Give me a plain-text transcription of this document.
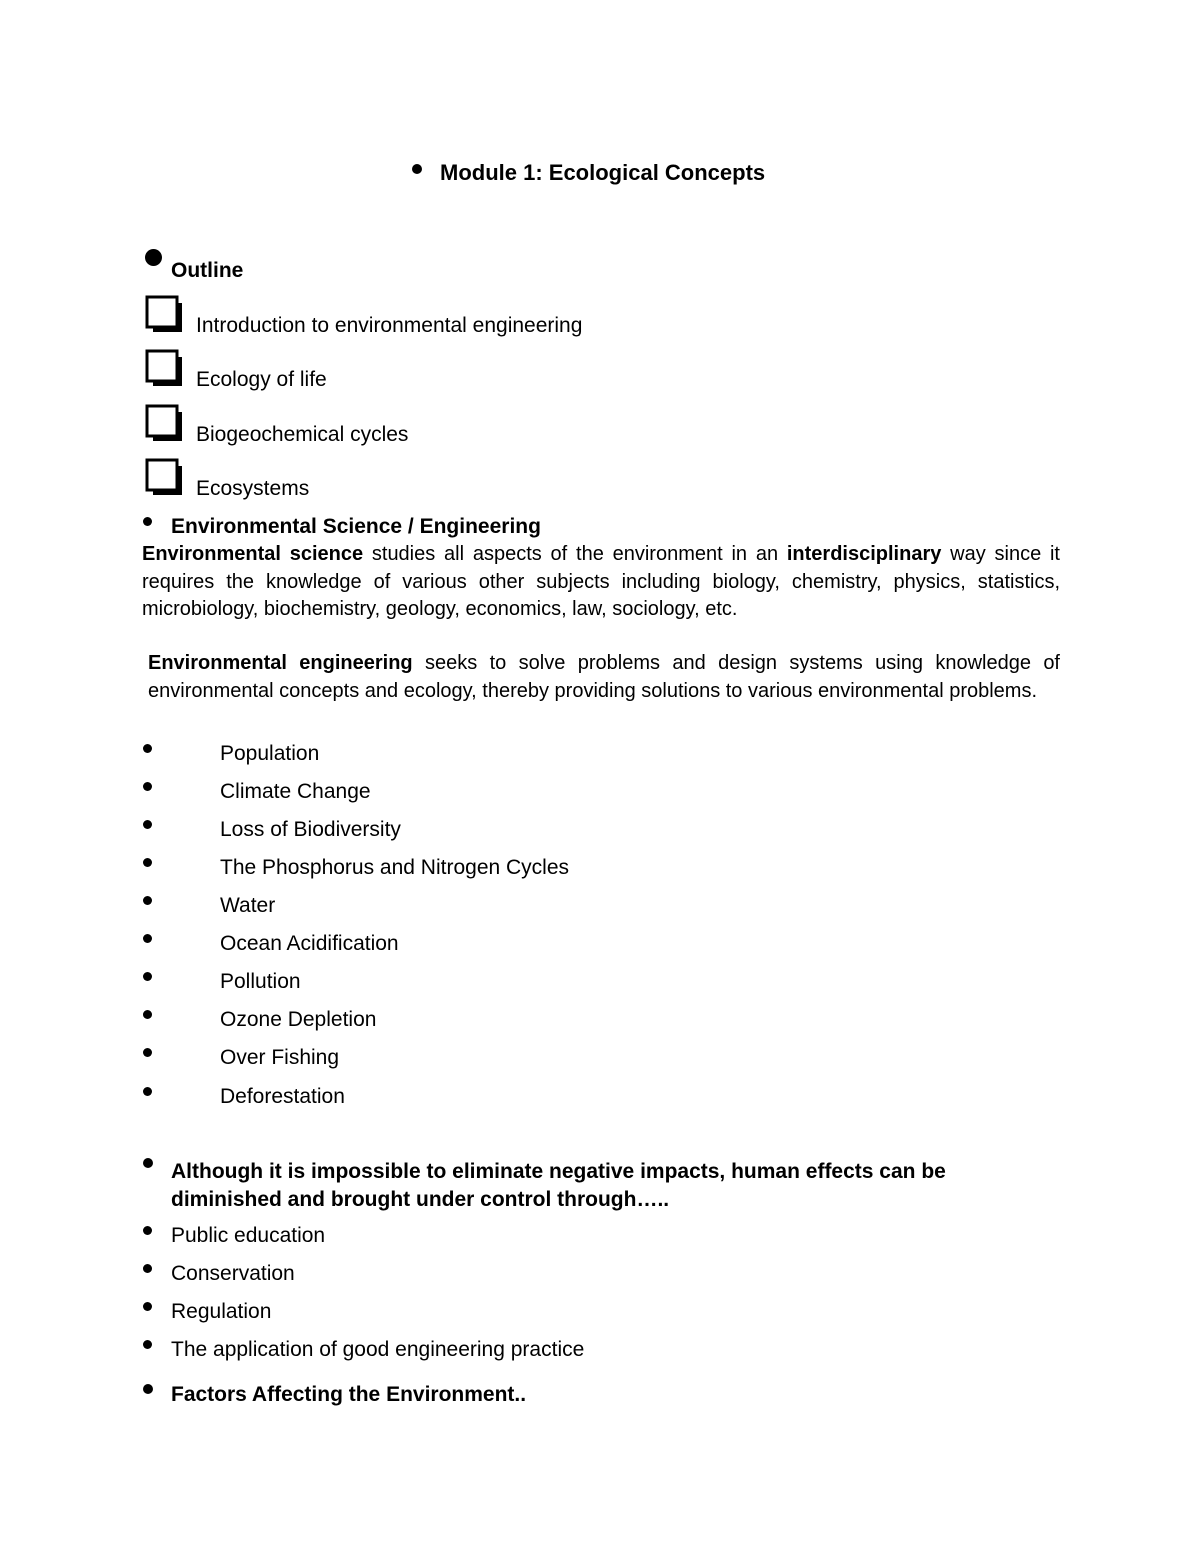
Module 1: Ecological Concepts
Outline
Introduction to environmental engineering
Ecology of life
Biogeochemical cycles
Ecosystems
Environmental Science / Engineering
Environmental science studies all aspects of the environment in an interdisciplinary way since it requires the knowledge of various other subjects including biology, chemistry, physics, statistics, microbiology, biochemistry, geology, economics, law, sociology, etc.
Environmental engineering seeks to solve problems and design systems using knowledge of environmental concepts and ecology, thereby providing solutions to various environmental problems.
Population
Climate Change
Loss of Biodiversity
The Phosphorus and Nitrogen Cycles
Water
Ocean Acidification
Pollution
Ozone Depletion
Over Fishing
Deforestation
Although it is impossible to eliminate negative impacts, human effects can be diminished and brought under control through…..
Public education
Conservation
Regulation
The application of good engineering practice
Factors Affecting the Environment..
